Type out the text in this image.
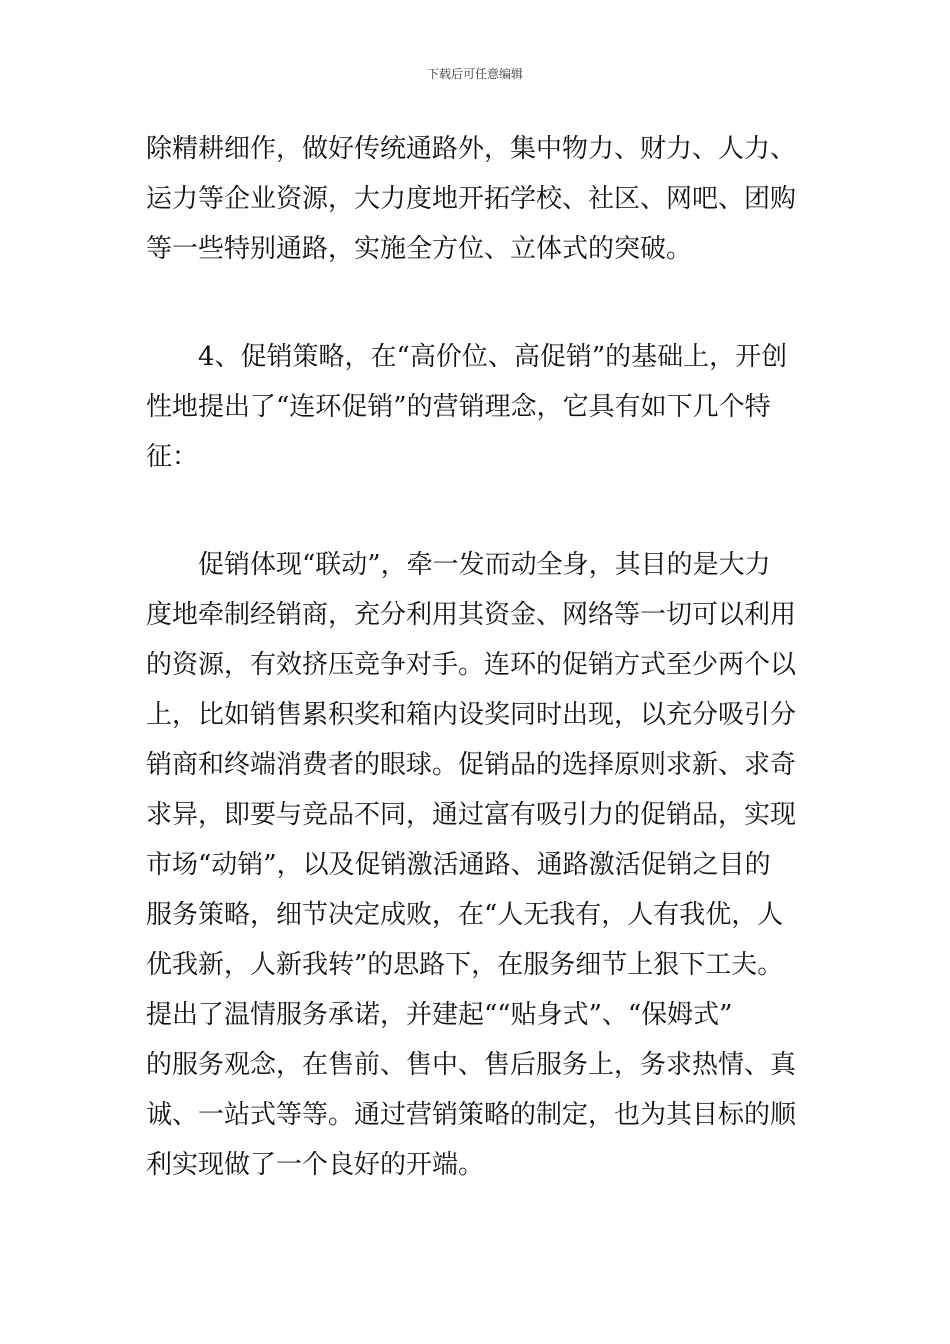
下载后可任意编辑
除精耕细作，做好传统通路外，集中物力、财力、人力、
运力等企业资源，大力度地开拓学校、社区、网吧、团购
等一些特别通路，实施全方位、立体式的突破。
4、促销策略，在“高价位、高促销”的基础上，开创
性地提出了“连环促销”的营销理念，它具有如下几个特
征：
促销体现“联动”，牵一发而动全身，其目的是大力
度地牵制经销商，充分利用其资金、网络等一切可以利用
的资源，有效挤压竞争对手。连环的促销方式至少两个以
上，比如销售累积奖和箱内设奖同时出现，以充分吸引分
销商和终端消费者的眼球。促销品的选择原则求新、求奇
求异，即要与竞品不同，通过富有吸引力的促销品，实现
市场“动销”，以及促销激活通路、通路激活促销之目的
服务策略，细节决定成败，在“人无我有，人有我优，人
优我新，人新我转”的思路下，在服务细节上狠下工夫。
提出了温情服务承诺，并建起““贴身式”、“保姆式”
的服务观念，在售前、售中、售后服务上，务求热情、真
诚、一站式等等。通过营销策略的制定，也为其目标的顺
利实现做了一个良好的开端。
